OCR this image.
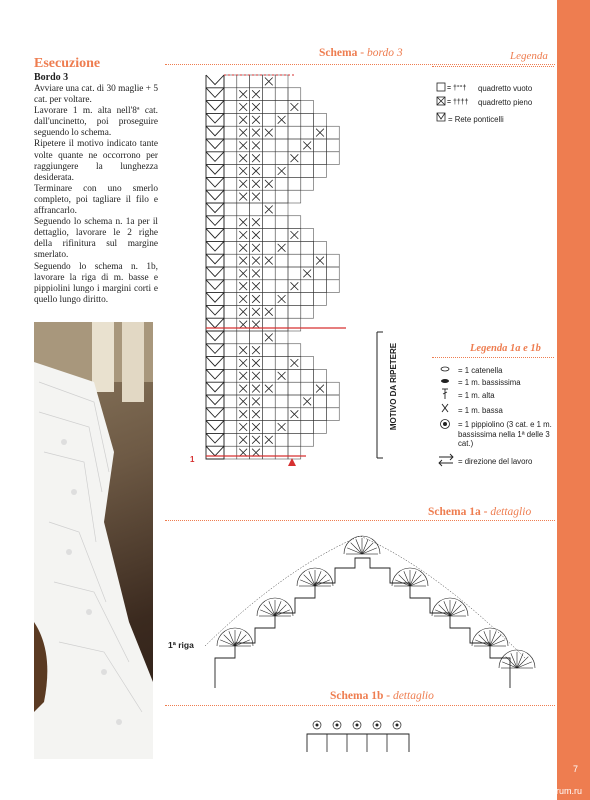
7
PassionForum.ru
Esecuzione
Bordo 3

Avviare una cat. di 30 maglie + 5 cat. per voltare.

Lavorare 1 m. alta nell'8ª cat. dall'uncinetto, poi proseguire seguendo lo schema.

Ripetere il motivo indicato tante volte quante ne occorrono per raggiungere la lunghezza desiderata.

Terminare con uno smerlo completo, poi tagliare il filo e affrancarlo.

Seguendo lo schema n. 1a per il dettaglio, lavorare le 2 righe della rifinitura sul margine smerlato.

Seguendo lo schema n. 1b, lavorare la riga di m. basse e pippiolini lungo i margini corti e quello lungo diritto.

Schema - bordo 3
1
MOTIVO DA RIPETERE
Legenda
= †°°†
= ††††
quadretto vuoto
quadretto pieno
= Rete ponticelli
Legenda 1a e 1b
= 1 catenella
= 1 m. bassissima
= 1 m. alta
= 1 m. bassa
= 1 pippiolino (3 cat. e 1 m. bassissima nella 1ª delle 3 cat.)
= direzione del lavoro
Schema 1a - dettaglio
1ª riga
Schema 1b - dettaglio
